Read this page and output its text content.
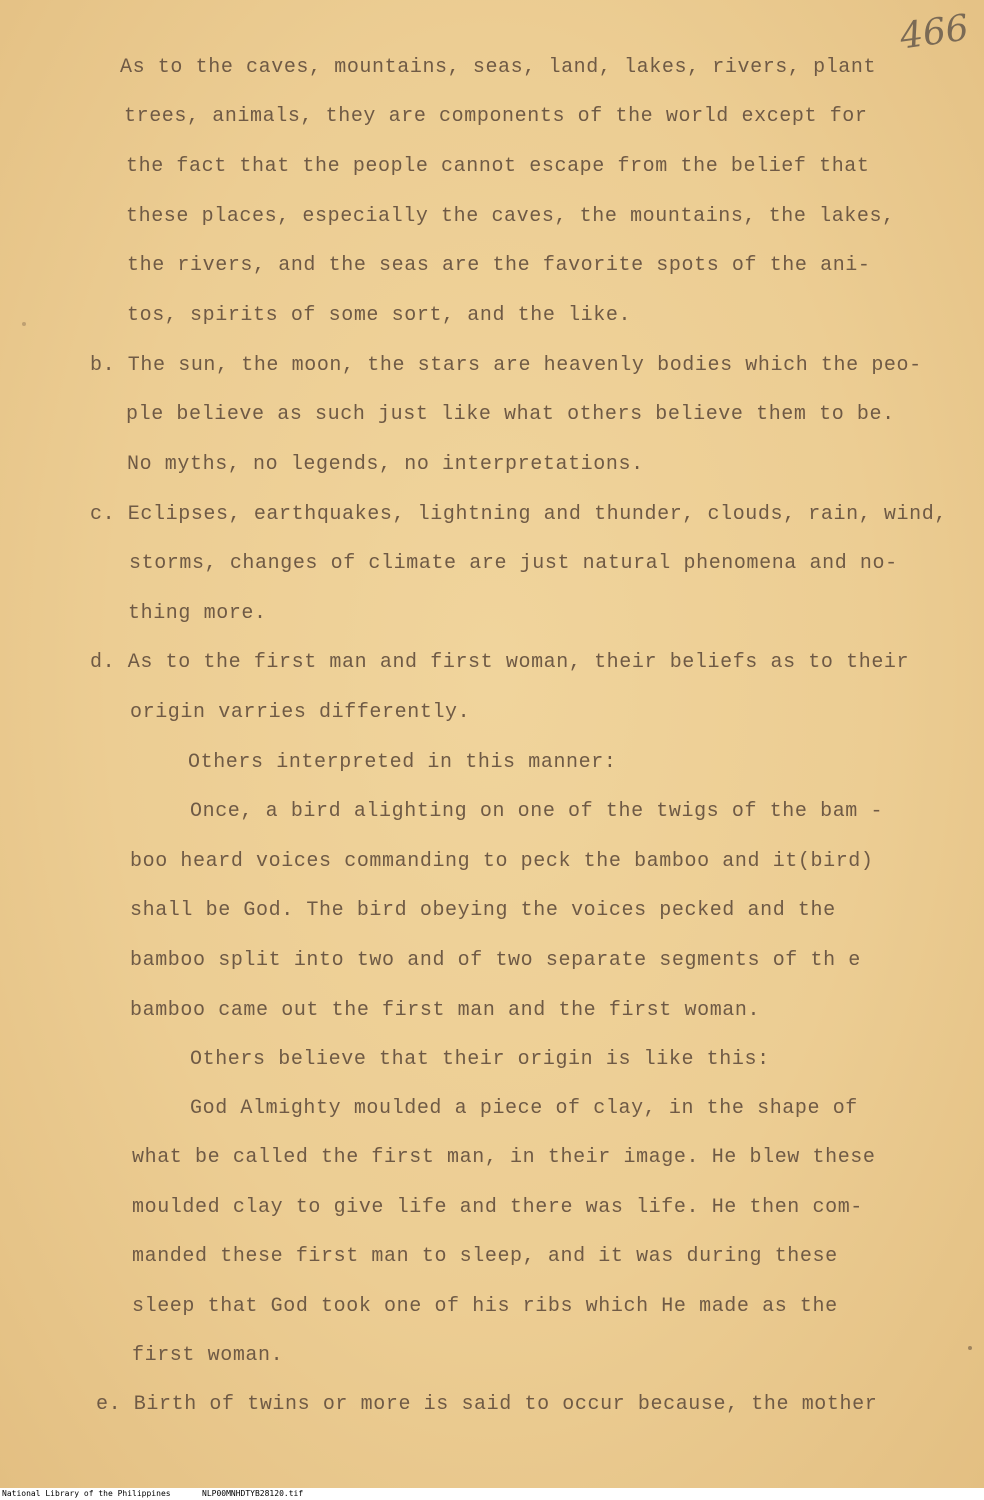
466
As to the caves, mountains, seas, land, lakes, rivers, plant
trees, animals, they are components of the world except for
the fact that the people cannot escape from the belief that
these places, especially the caves, the mountains, the lakes,
the rivers, and the seas are the favorite spots of the ani-
tos, spirits of some sort, and the like.
b. The sun, the moon, the stars are heavenly bodies which the peo-
ple believe as such just like what others believe them to be.
No myths, no legends, no interpretations.
c. Eclipses, earthquakes, lightning and thunder, clouds, rain, wind,
storms, changes of climate are just natural phenomena and no-
thing more.
d. As to the first man and first woman, their beliefs as to their
origin varries differently.
Others interpreted in this manner:
Once, a bird alighting on one of the twigs of the bam -
boo heard voices commanding to peck the bamboo and it(bird)
shall be God. The bird obeying the voices pecked and the
bamboo split into two and of two separate segments of th e
bamboo came out the first man and the first woman.
Others believe that their origin is like this:
God Almighty moulded a piece of clay, in the shape of
what be called the first man, in their image. He blew these
moulded clay to give life and there was life. He then com-
manded these first man to sleep, and it was during these
sleep that God took one of his ribs which He made as the
first woman.
e. Birth of twins or more is said to occur because, the mother
National Library of the Philippines	NLP00MNHDTYB28120.tif
